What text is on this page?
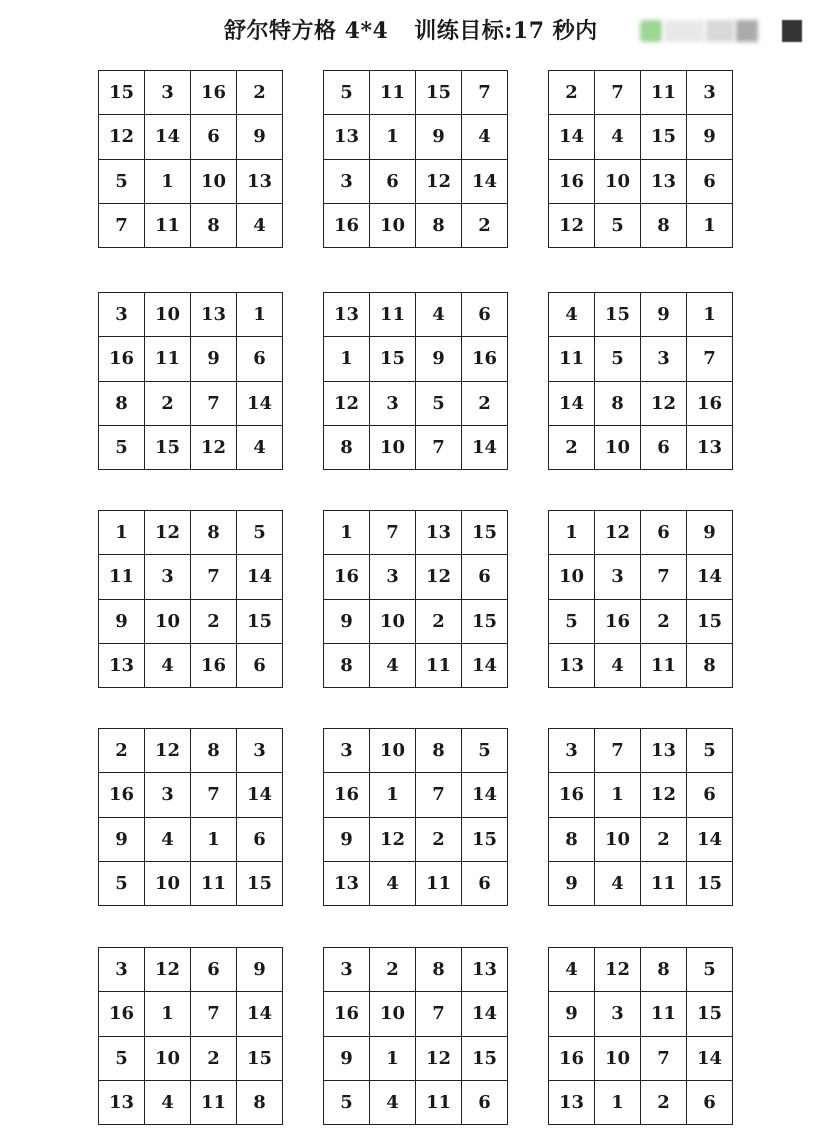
舒尔特方格 4*4 训练目标:17 秒内
15	3	16	2
12	14	6	9
5	1	10	13
7	11	8	4
5	11	15	7
13	1	9	4
3	6	12	14
16	10	8	2
2	7	11	3
14	4	15	9
16	10	13	6
12	5	8	1
3	10	13	1
16	11	9	6
8	2	7	14
5	15	12	4
13	11	4	6
1	15	9	16
12	3	5	2
8	10	7	14
4	15	9	1
11	5	3	7
14	8	12	16
2	10	6	13
1	12	8	5
11	3	7	14
9	10	2	15
13	4	16	6
1	7	13	15
16	3	12	6
9	10	2	15
8	4	11	14
1	12	6	9
10	3	7	14
5	16	2	15
13	4	11	8
2	12	8	3
16	3	7	14
9	4	1	6
5	10	11	15
3	10	8	5
16	1	7	14
9	12	2	15
13	4	11	6
3	7	13	5
16	1	12	6
8	10	2	14
9	4	11	15
3	12	6	9
16	1	7	14
5	10	2	15
13	4	11	8
3	2	8	13
16	10	7	14
9	1	12	15
5	4	11	6
4	12	8	5
9	3	11	15
16	10	7	14
13	1	2	6
